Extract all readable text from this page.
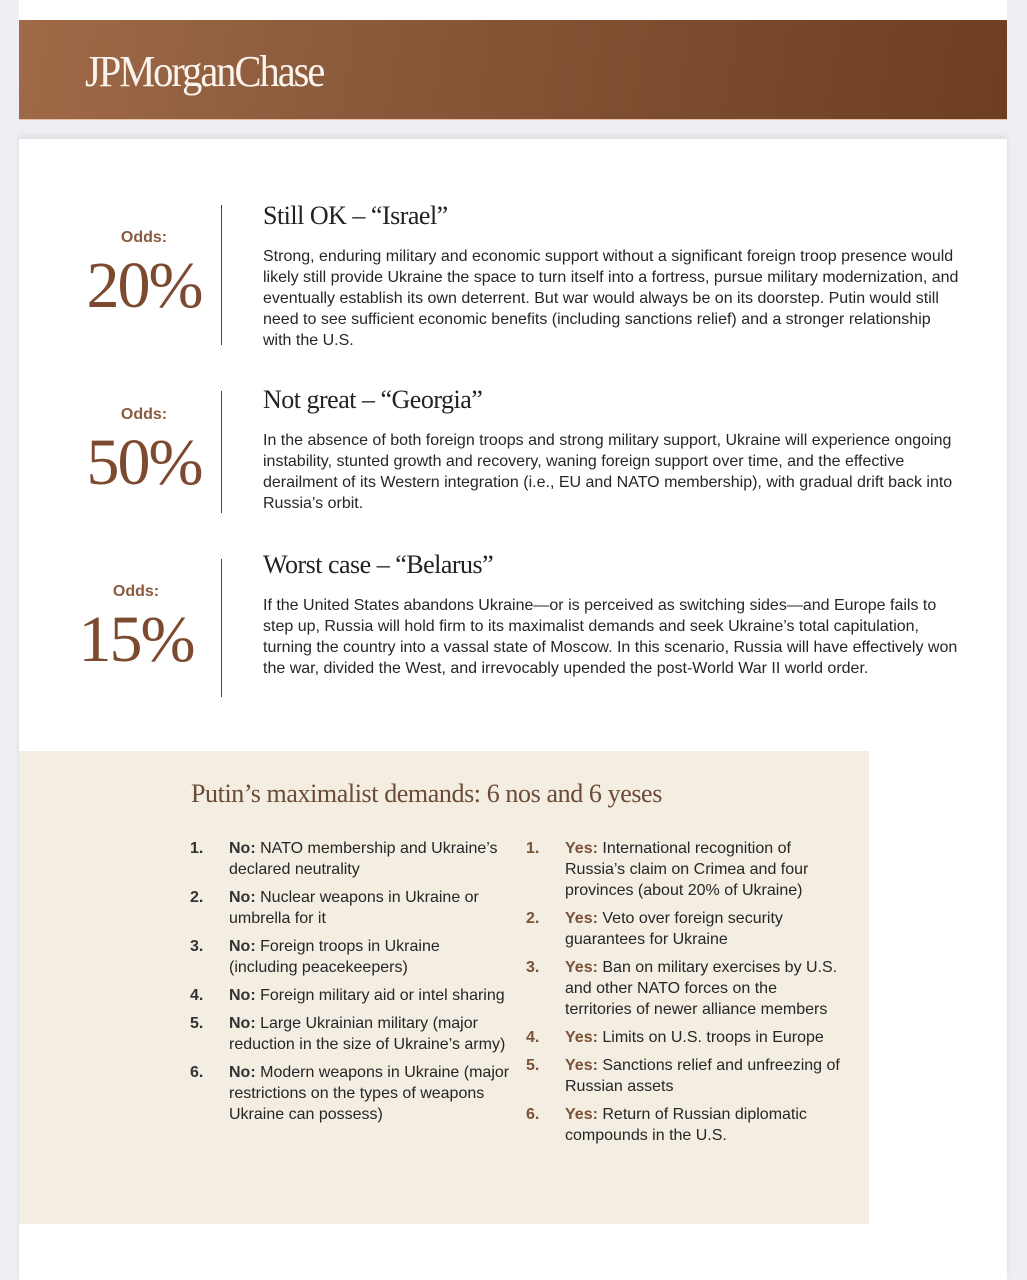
JPMorganChase
Odds:
20%
Still OK – “Israel”
Strong, enduring military and economic support without a significant foreign troop presence would likely still provide Ukraine the space to turn itself into a fortress, pursue military modernization, and eventually establish its own deterrent. But war would always be on its doorstep. Putin would still need to see sufficient economic benefits (including sanctions relief) and a stronger relationship with the U.S.
Odds:
50%
Not great – “Georgia”
In the absence of both foreign troops and strong military support, Ukraine will experience ongoing instability, stunted growth and recovery, waning foreign support over time, and the effective derailment of its Western integration (i.e., EU and NATO membership), with gradual drift back into Russia’s orbit.
Odds:
15%
Worst case – “Belarus”
If the United States abandons Ukraine—or is perceived as switching sides—and Europe fails to step up, Russia will hold firm to its maximalist demands and seek Ukraine’s total capitulation, turning the country into a vassal state of Moscow. In this scenario, Russia will have effectively won the war, divided the West, and irrevocably upended the post-World War II world order.
Putin’s maximalist demands: 6 nos and 6 yeses
1. No: NATO membership and Ukraine’s declared neutrality
2. No: Nuclear weapons in Ukraine or umbrella for it
3. No: Foreign troops in Ukraine (including peacekeepers)
4. No: Foreign military aid or intel sharing
5. No: Large Ukrainian military (major reduction in the size of Ukraine’s army)
6. No: Modern weapons in Ukraine (major restrictions on the types of weapons Ukraine can possess)
1. Yes: International recognition of Russia’s claim on Crimea and four provinces (about 20% of Ukraine)
2. Yes: Veto over foreign security guarantees for Ukraine
3. Yes: Ban on military exercises by U.S. and other NATO forces on the territories of newer alliance members
4. Yes: Limits on U.S. troops in Europe
5. Yes: Sanctions relief and unfreezing of Russian assets
6. Yes: Return of Russian diplomatic compounds in the U.S.
